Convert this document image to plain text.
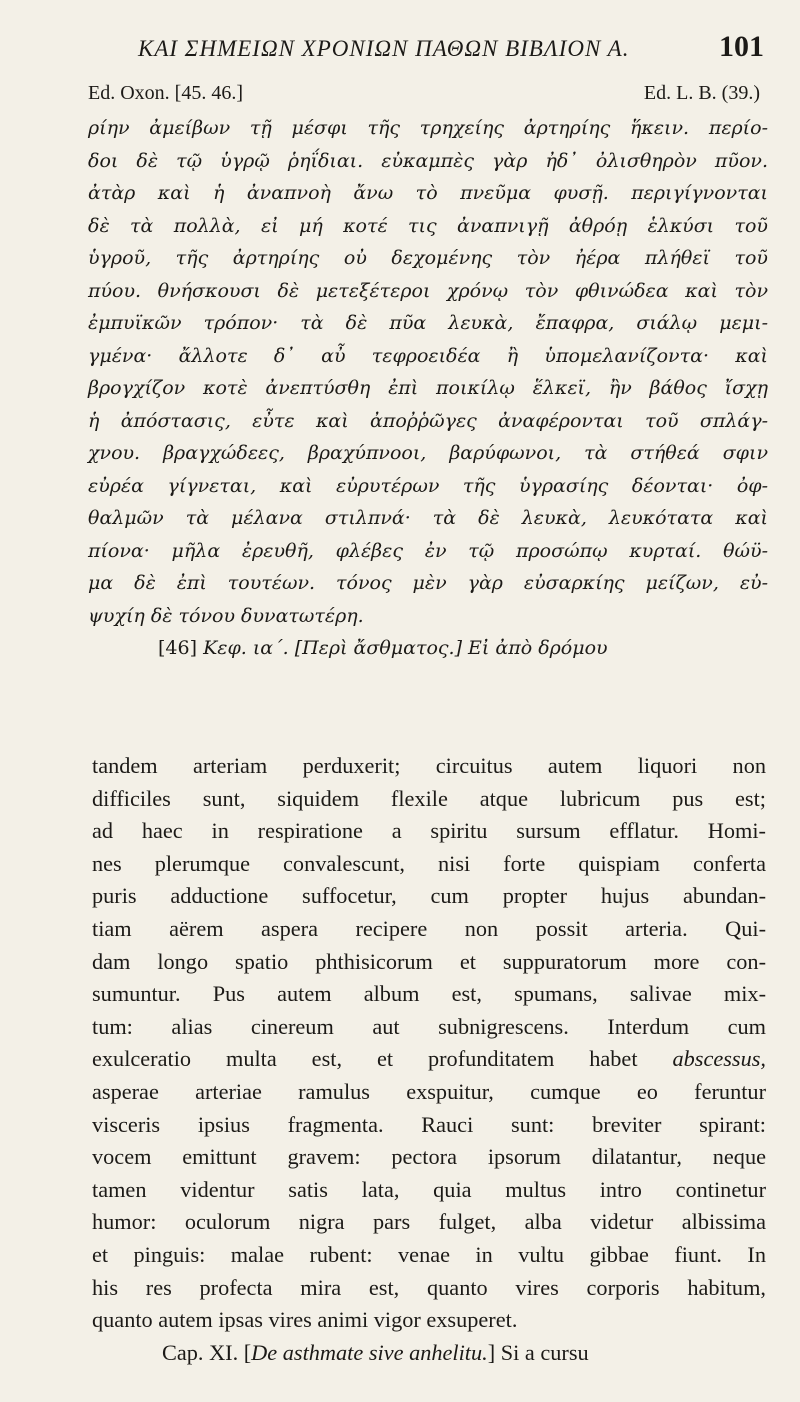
ΚΑΙ ΣΗΜΕΙΩΝ ΧΡΟΝΙΩΝ ΠΑΘΩΝ ΒΙΒΛΙΟΝ Α.	101
Ed. Oxon. [45. 46.]	Ed. L. B. (39.)
ρίην ἀμείβων τῇ μέσφι τῆς τρηχείης ἀρτηρίης ἥκειν. περίο-
δοι δὲ τῷ ὑγρῷ ῥηΐδιαι. εὐκαμπὲς γὰρ ἠδ᾽ ὀλισθηρὸν πῦον.
ἀτὰρ καὶ ἡ ἀναπνοὴ ἄνω τὸ πνεῦμα φυσῇ. περιγίγνονται
δὲ τὰ πολλὰ, εἰ μή κοτέ τις ἀναπνιγῇ ἀθρόῃ ἑλκύσι τοῦ
ὑγροῦ, τῆς ἀρτηρίης οὐ δεχομένης τὸν ἠέρα πλήθεϊ τοῦ
πύου. θνήσκουσι δὲ μετεξέτεροι χρόνῳ τὸν φθινώδεα καὶ τὸν
ἐμπυϊκῶν τρόπον· τὰ δὲ πῦα λευκὰ, ἔπαφρα, σιάλῳ μεμι-
γμένα· ἄλλοτε δ᾽ αὖ τεφροειδέα ἢ ὑπομελανίζοντα· καὶ
βρογχίζον κοτὲ ἀνεπτύσθη ἐπὶ ποικίλῳ ἕλκεϊ, ἢν βάθος ἴσχῃ
ἡ ἀπόστασις, εὖτε καὶ ἀποῤῥῶγες ἀναφέρονται τοῦ σπλάγ-
χνου. βραγχώδεες, βραχύπνοοι, βαρύφωνοι, τὰ στήθεά σφιν
εὐρέα γίγνεται, καὶ εὐρυτέρων τῆς ὑγρασίης δέονται· ὀφ-
θαλμῶν τὰ μέλανα στιλπνά· τὰ δὲ λευκὰ, λευκότατα καὶ
πίονα· μῆλα ἐρευθῆ, φλέβες ἐν τῷ προσώπῳ κυρταί. θώϋ-
μα δὲ ἐπὶ τουτέων. τόνος μὲν γὰρ εὐσαρκίης μείζων, εὐ-
ψυχίη δὲ τόνου δυνατωτέρη.
[46] Κεφ. ια΄. [Περὶ ἄσθματος.] Εἰ ἀπὸ δρόμου
tandem arteriam perduxerit; circuitus autem liquori non
difficiles sunt, siquidem flexile atque lubricum pus est;
ad haec in respiratione a spiritu sursum efflatur. Homi-
nes plerumque convalescunt, nisi forte quispiam conferta
puris adductione suffocetur, cum propter hujus abundan-
tiam aërem aspera recipere non possit arteria. Qui-
dam longo spatio phthisicorum et suppuratorum more con-
sumuntur. Pus autem album est, spumans, salivae mix-
tum: alias cinereum aut subnigrescens. Interdum cum
exulceratio multa est, et profunditatem habet abscessus,
asperae arteriae ramulus exspuitur, cumque eo feruntur
visceris ipsius fragmenta. Rauci sunt: breviter spirant:
vocem emittunt gravem: pectora ipsorum dilatantur, neque
tamen videntur satis lata, quia multus intro continetur
humor: oculorum nigra pars fulget, alba videtur albissima
et pinguis: malae rubent: venae in vultu gibbae fiunt. In
his res profecta mira est, quanto vires corporis habitum,
quanto autem ipsas vires animi vigor exsuperet.
Cap. XI. [De asthmate sive anhelitu.] Si a cursu
